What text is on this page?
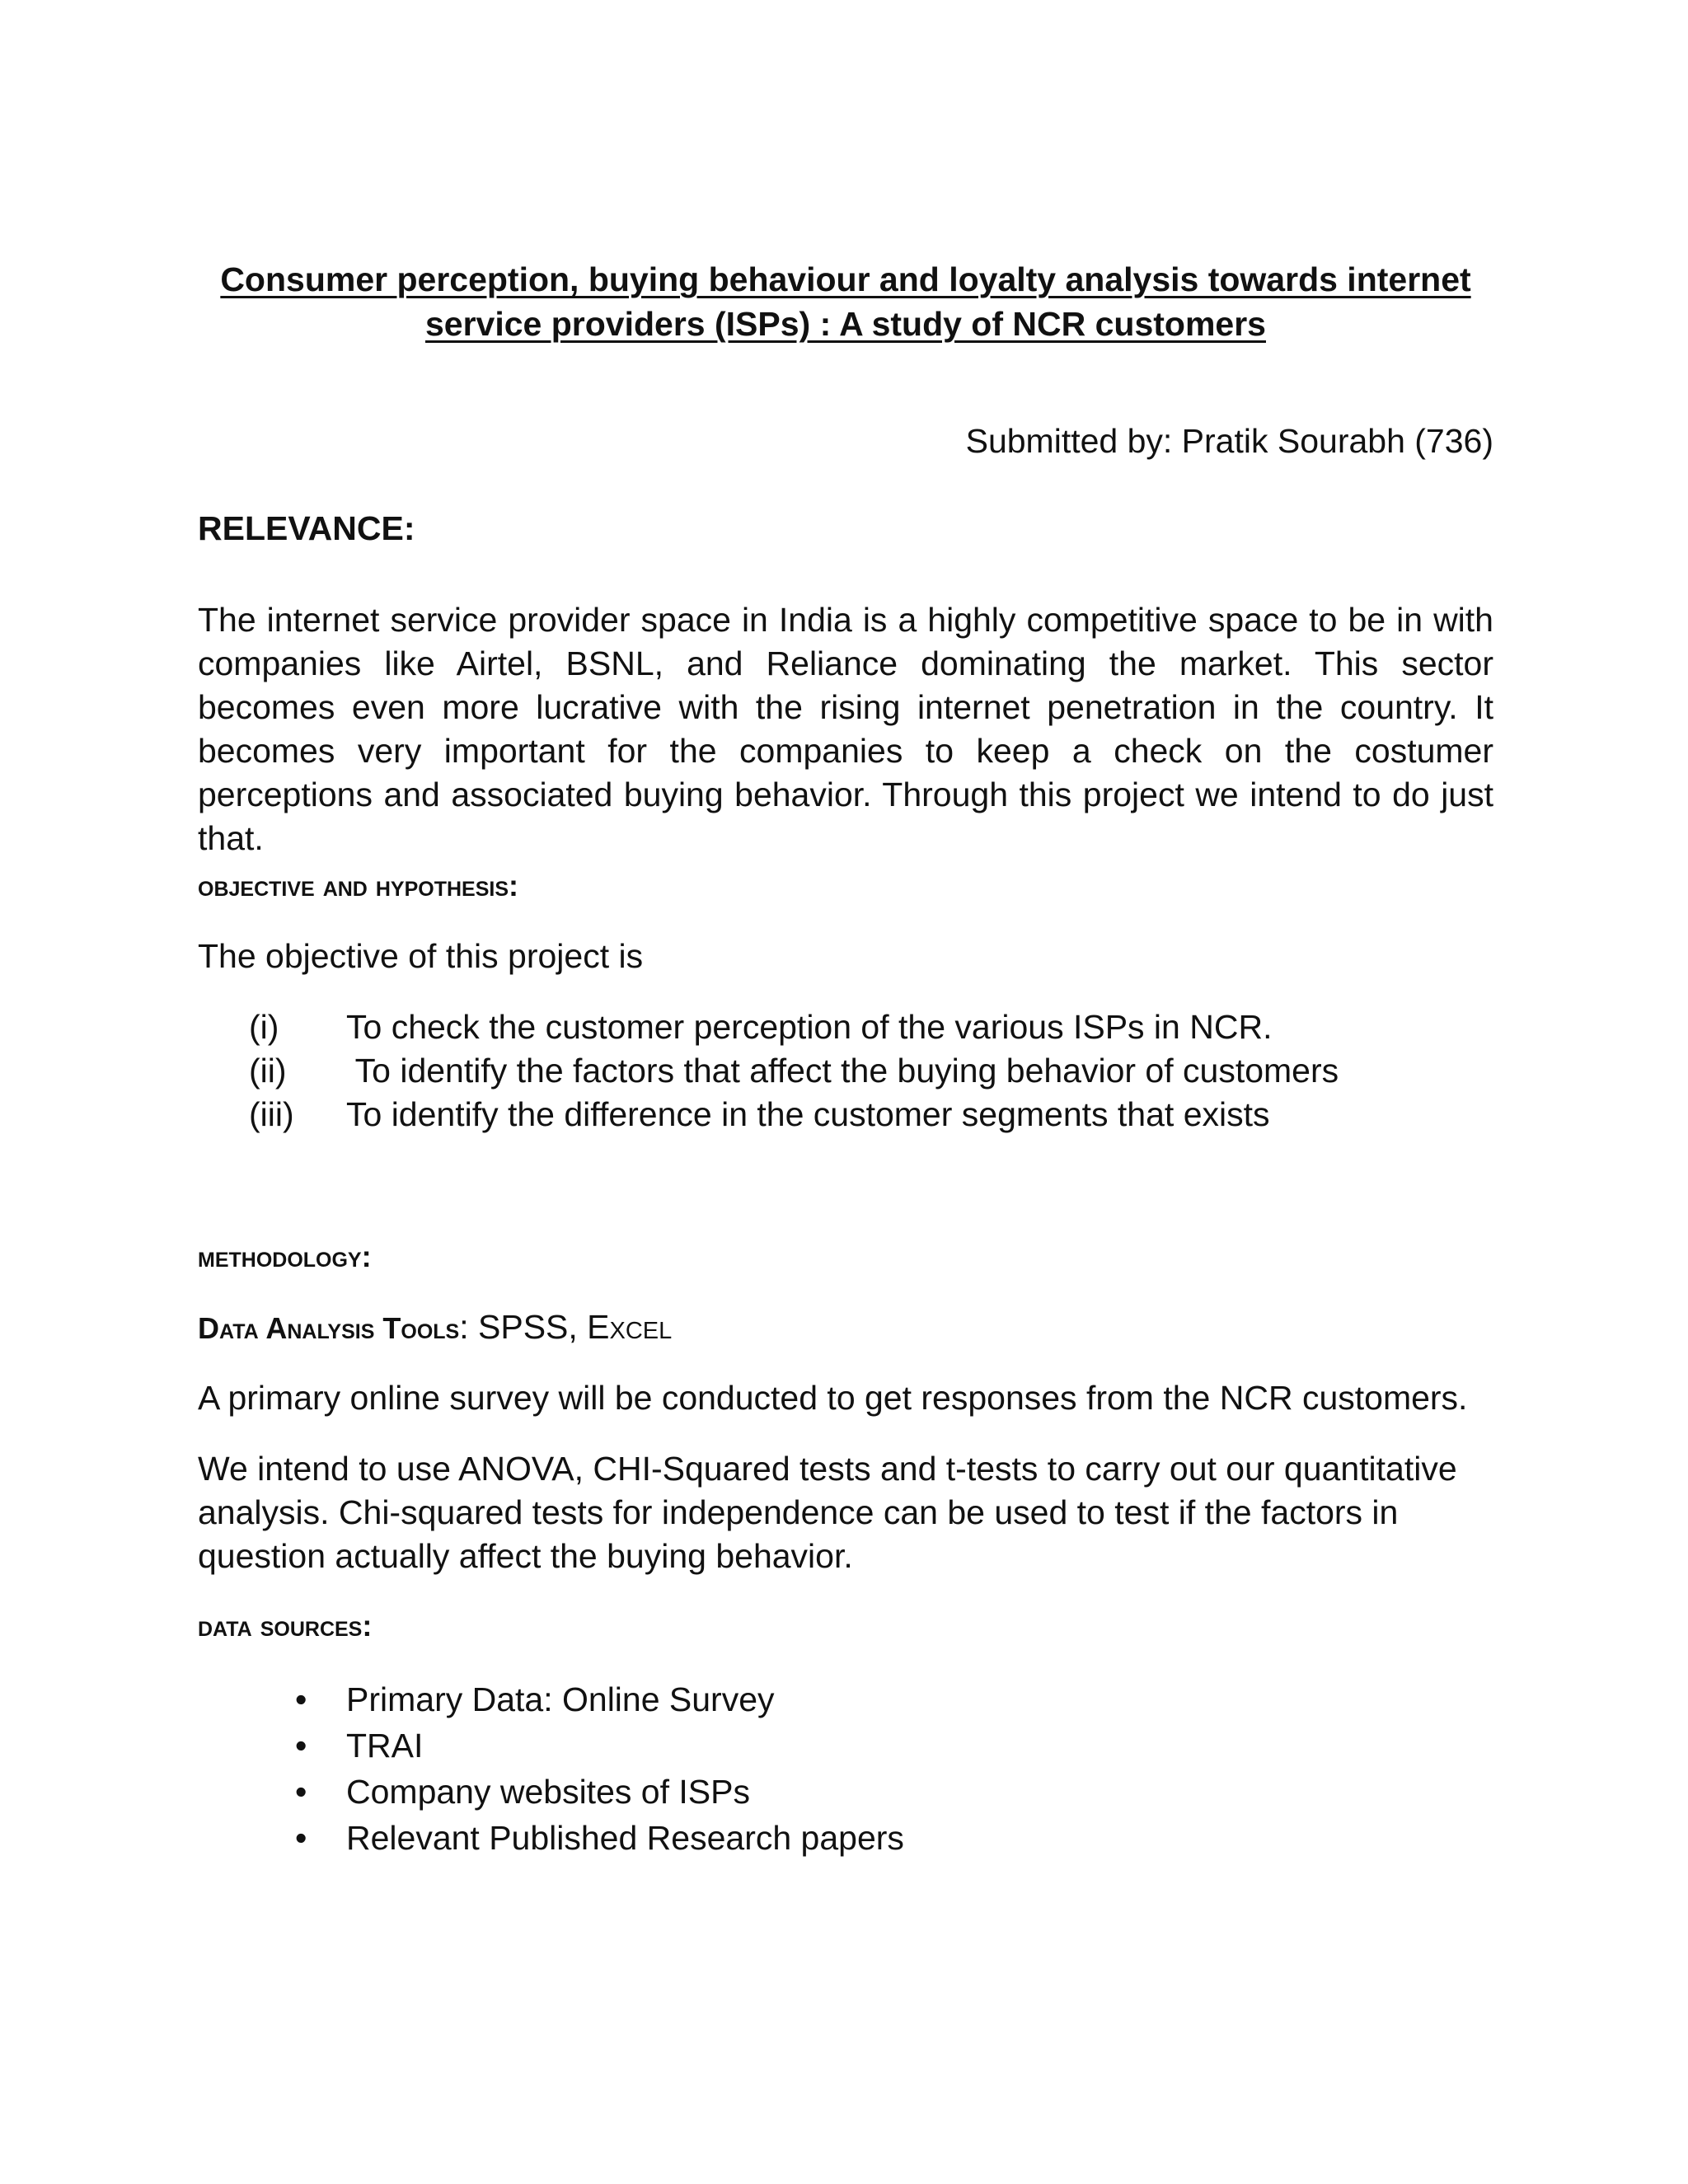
Consumer perception, buying behaviour and loyalty analysis towards internet
service providers (ISPs) : A study of NCR customers
Submitted by: Pratik Sourabh (736)
RELEVANCE:
The internet service provider space in India is a highly competitive space to be in with companies like Airtel, BSNL, and Reliance dominating the market. This sector becomes even more lucrative with the rising internet penetration in the country. It becomes very important for the companies to keep a check on the costumer perceptions and associated buying behavior. Through this project we intend to do just that.
objective and hypothesis:
The objective of this project is
(i) To check the customer perception of the various ISPs in NCR.
(ii) To identify the factors that affect the buying behavior of customers
(iii) To identify the difference in the customer segments that exists
methodology:
Data Analysis Tools: SPSS, Excel
A primary online survey will be conducted to get responses from the NCR customers.
We intend to use ANOVA, CHI-Squared tests and t-tests to carry out our quantitative analysis. Chi-squared tests for independence can be used to test if the factors in question actually affect the buying behavior.
data sources:
• Primary Data: Online Survey
• TRAI
• Company websites of ISPs
• Relevant Published Research papers
